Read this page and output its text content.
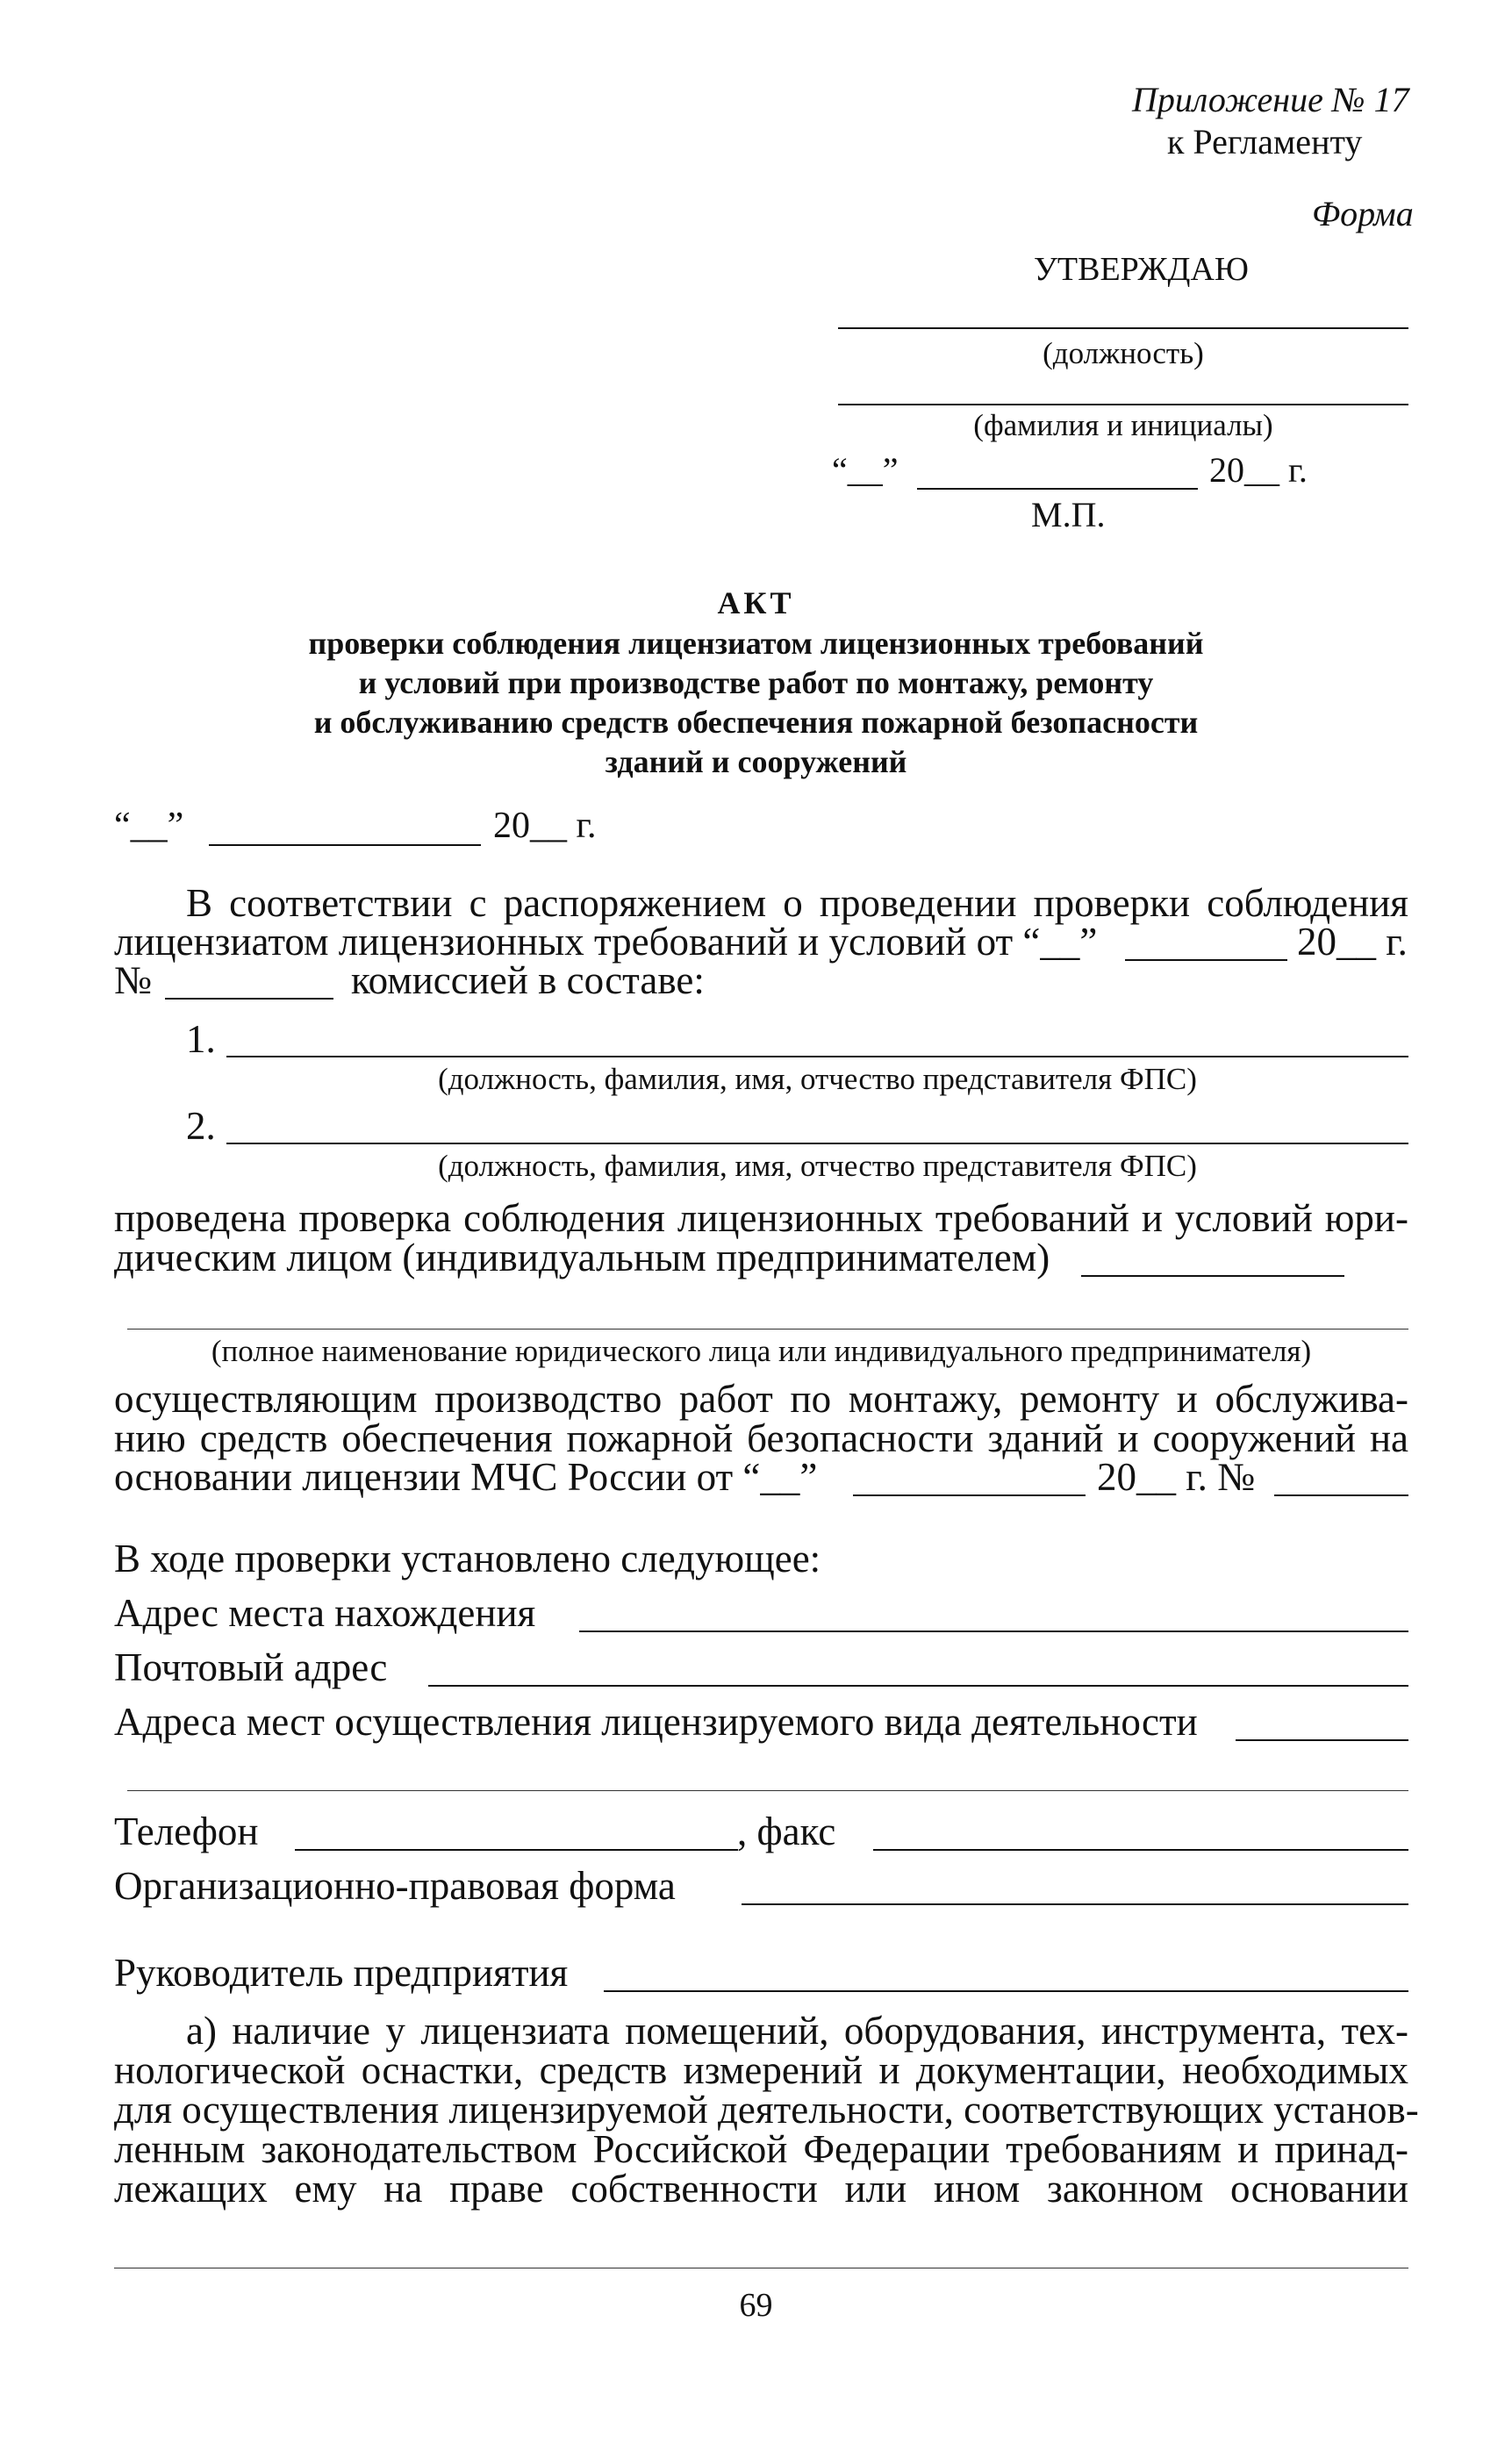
Приложение № 17
к Регламенту
Форма
УТВЕРЖДАЮ
(должность)
(фамилия и инициалы)
“__”	20__ г.
М.П.
АКТ
проверки соблюдения лицензиатом лицензионных требований
и условий при производстве работ по монтажу, ремонту
и обслуживанию средств обеспечения пожарной безопасности
зданий и сооружений
“__”	20__ г.
В соответствии с распоряжением о проведении проверки соблюдения
лицензиатом лицензионных требований и условий от “__”	20__ г.
№	комиссией в составе:
1.
(должность, фамилия, имя, отчество представителя ФПС)
2.
(должность, фамилия, имя, отчество представителя ФПС)
проведена проверка соблюдения лицензионных требований и условий юри-
дическим лицом (индивидуальным предпринимателем)
(полное наименование юридического лица или индивидуального предпринимателя)
осуществляющим производство работ по монтажу, ремонту и обслужива-
нию средств обеспечения пожарной безопасности зданий и сооружений на
основании лицензии МЧС России от “__”	20__ г. №
В ходе проверки установлено следующее:
Адрес места нахождения
Почтовый адрес
Адреса мест осуществления лицензируемого вида деятельности
Телефон	, факс
Организационно-правовая форма
Руководитель предприятия
а) наличие у лицензиата помещений, оборудования, инструмента, тех-
нологической оснастки, средств измерений и документации, необходимых
для осуществления лицензируемой деятельности, соответствующих установ-
ленным законодательством Российской Федерации требованиям и принад-
лежащих ему на праве собственности или ином законном основании
69
